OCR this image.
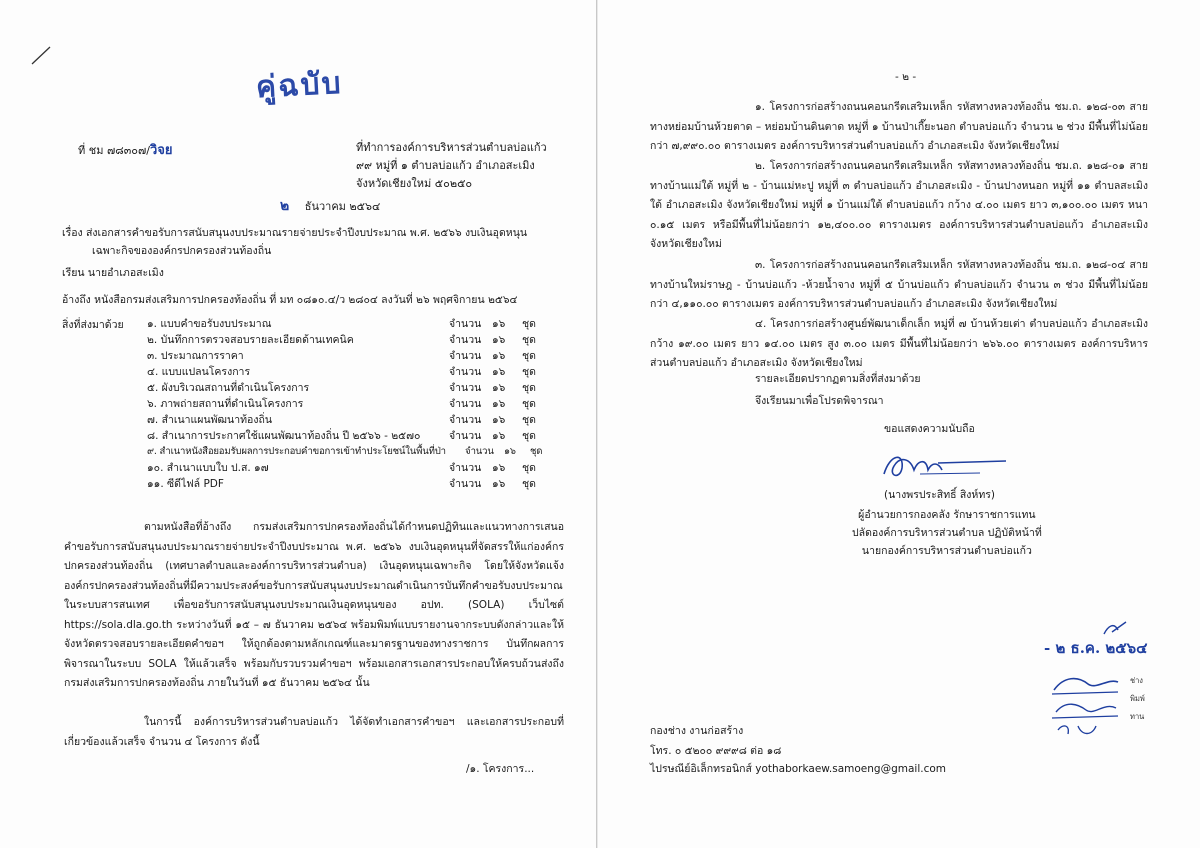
คู่ฉบับ
ที่ ชม ๗๘๓๐๗/วิจย	ที่ทำการองค์การบริหารส่วนตำบลบ่อแก้ว
๙๙ หมู่ที่ ๑ ตำบลบ่อแก้ว อำเภอสะเมิง
จังหวัดเชียงใหม่ ๕๐๒๕๐
๒ ธันวาคม ๒๕๖๔
เรื่อง ส่งเอกสารคำขอรับการสนับสนุนงบประมาณรายจ่ายประจำปีงบประมาณ พ.ศ. ๒๕๖๖ งบเงินอุดหนุน
เฉพาะกิจขององค์กรปกครองส่วนท้องถิ่น
เรียน นายอำเภอสะเมิง
อ้างถึง หนังสือกรมส่งเสริมการปกครองท้องถิ่น ที่ มท ๐๘๑๐.๔/ว ๒๘๐๔ ลงวันที่ ๒๖ พฤศจิกายน ๒๕๖๔
สิ่งที่ส่งมาด้วย ๑. แบบคำขอรับงบประมาณ	จำนวน ๑๖ ชุด
๒. บันทึกการตรวจสอบรายละเอียดด้านเทคนิค	จำนวน ๑๖ ชุด
๓. ประมาณการราคา	จำนวน ๑๖ ชุด
๔. แบบแปลนโครงการ	จำนวน ๑๖ ชุด
๕. ผังบริเวณสถานที่ดำเนินโครงการ	จำนวน ๑๖ ชุด
๖. ภาพถ่ายสถานที่ดำเนินโครงการ	จำนวน ๑๖ ชุด
๗. สำเนาแผนพัฒนาท้องถิ่น	จำนวน ๑๖ ชุด
๘. สำเนาการประกาศใช้แผนพัฒนาท้องถิ่น ปี ๒๕๖๖ - ๒๕๗๐	จำนวน ๑๖ ชุด
๙. สำเนาหนังสือยอมรับผลการประกอบคำขอการเข้าทำประโยชน์ในพื้นที่ป่า จำนวน ๑๖ ชุด
๑๐. สำเนาแบบใบ ป.ส. ๑๗	จำนวน ๑๖ ชุด
๑๑. ซีดีไฟล์ PDF	จำนวน ๑๖ ชุด
ตามหนังสือที่อ้างถึง กรมส่งเสริมการปกครองท้องถิ่นได้กำหนดปฏิทินและแนวทางการเสนอคำขอรับการสนับสนุนงบประมาณรายจ่ายประจำปีงบประมาณ พ.ศ. ๒๕๖๖ งบเงินอุดหนุนที่จัดสรรให้แก่องค์กรปกครองส่วนท้องถิ่น (เทศบาลตำบลและองค์การบริหารส่วนตำบล) เงินอุดหนุนเฉพาะกิจ โดยให้จังหวัดแจ้งองค์กรปกครองส่วนท้องถิ่นที่มีความประสงค์ขอรับการสนับสนุนงบประมาณดำเนินการบันทึกคำขอรับงบประมาณในระบบสารสนเทศ เพื่อขอรับการสนับสนุนงบประมาณเงินอุดหนุนของ อปท. (SOLA) เว็บไซต์ https://sola.dla.go.th ระหว่างวันที่ ๑๕ – ๗ ธันวาคม ๒๕๖๔ พร้อมพิมพ์แบบรายงานจากระบบดังกล่าวและให้จังหวัดตรวจสอบรายละเอียดคำขอฯ ให้ถูกต้องตามหลักเกณฑ์และมาตรฐานของทางราชการ บันทึกผลการพิจารณาในระบบ SOLA ให้แล้วเสร็จ พร้อมกับรวบรวมคำขอฯ พร้อมเอกสารเอกสารประกอบให้ครบถ้วนส่งถึงกรมส่งเสริมการปกครองท้องถิ่น ภายในวันที่ ๑๕ ธันวาคม ๒๕๖๔ นั้น
ในการนี้ องค์การบริหารส่วนตำบลบ่อแก้ว ได้จัดทำเอกสารคำขอฯ และเอกสารประกอบที่เกี่ยวข้องแล้วเสร็จ จำนวน ๔ โครงการ ดังนี้
/๑. โครงการ...
- ๒ -
๑. โครงการก่อสร้างถนนคอนกรีตเสริมเหล็ก รหัสทางหลวงท้องถิ่น ชม.ถ. ๑๒๘-๐๓ สายทางหย่อมบ้านห้วยตาด – หย่อมบ้านดินตาด หมู่ที่ ๑ บ้านป่าเกี๊ยะนอก ตำบลบ่อแก้ว จำนวน ๒ ช่วง มีพื้นที่ไม่น้อยกว่า ๗,๙๙๐.๐๐ ตารางเมตร องค์การบริหารส่วนตำบลบ่อแก้ว อำเภอสะเมิง จังหวัดเชียงใหม่
๒. โครงการก่อสร้างถนนคอนกรีตเสริมเหล็ก รหัสทางหลวงท้องถิ่น ชม.ถ. ๑๒๘-๐๑ สายทางบ้านแม่ใต้ หมู่ที่ ๒ - บ้านแม่หะปู หมู่ที่ ๓ ตำบลบ่อแก้ว อำเภอสะเมิง - บ้านปางหนอก หมู่ที่ ๑๑ ตำบลสะเมิงใต้ อำเภอสะเมิง จังหวัดเชียงใหม่ หมู่ที่ ๑ บ้านแม่ใต้ ตำบลบ่อแก้ว กว้าง ๔.๐๐ เมตร ยาว ๓,๑๐๐.๐๐ เมตร หนา ๐.๑๕ เมตร หรือมีพื้นที่ไม่น้อยกว่า ๑๒,๔๐๐.๐๐ ตารางเมตร องค์การบริหารส่วนตำบลบ่อแก้ว อำเภอสะเมิง จังหวัดเชียงใหม่
๓. โครงการก่อสร้างถนนคอนกรีตเสริมเหล็ก รหัสทางหลวงท้องถิ่น ชม.ถ. ๑๒๘-๐๔ สายทางบ้านใหม่ราษฎ - บ้านบ่อแก้ว -ห้วยน้ำจาง หมู่ที่ ๕ บ้านบ่อแก้ว ตำบลบ่อแก้ว จำนวน ๓ ช่วง มีพื้นที่ไม่น้อยกว่า ๔,๑๑๐.๐๐ ตารางเมตร องค์การบริหารส่วนตำบลบ่อแก้ว อำเภอสะเมิง จังหวัดเชียงใหม่
๔. โครงการก่อสร้างศูนย์พัฒนาเด็กเล็ก หมู่ที่ ๗ บ้านห้วยเต่า ตำบลบ่อแก้ว อำเภอสะเมิง กว้าง ๑๙.๐๐ เมตร ยาว ๑๔.๐๐ เมตร สูง ๓.๐๐ เมตร มีพื้นที่ไม่น้อยกว่า ๒๖๖.๐๐ ตารางเมตร องค์การบริหารส่วนตำบลบ่อแก้ว อำเภอสะเมิง จังหวัดเชียงใหม่
รายละเอียดปรากฏตามสิ่งที่ส่งมาด้วย
จึงเรียนมาเพื่อโปรดพิจารณา
ขอแสดงความนับถือ
(นางพรประสิทธิ์ สิงห์ทร)
ผู้อำนวยการกองคลัง รักษาราชการแทน
ปลัดองค์การบริหารส่วนตำบล ปฏิบัติหน้าที่
นายกองค์การบริหารส่วนตำบลบ่อแก้ว
- ๒ ธ.ค. ๒๕๖๔
ช่าง
พิมพ์
ทาน
กองช่าง งานก่อสร้าง
โทร. ๐ ๕๒๐๐ ๙๙๙๘ ต่อ ๑๘
ไปรษณีย์อิเล็กทรอนิกส์ yothaborkaew.samoeng@gmail.com
